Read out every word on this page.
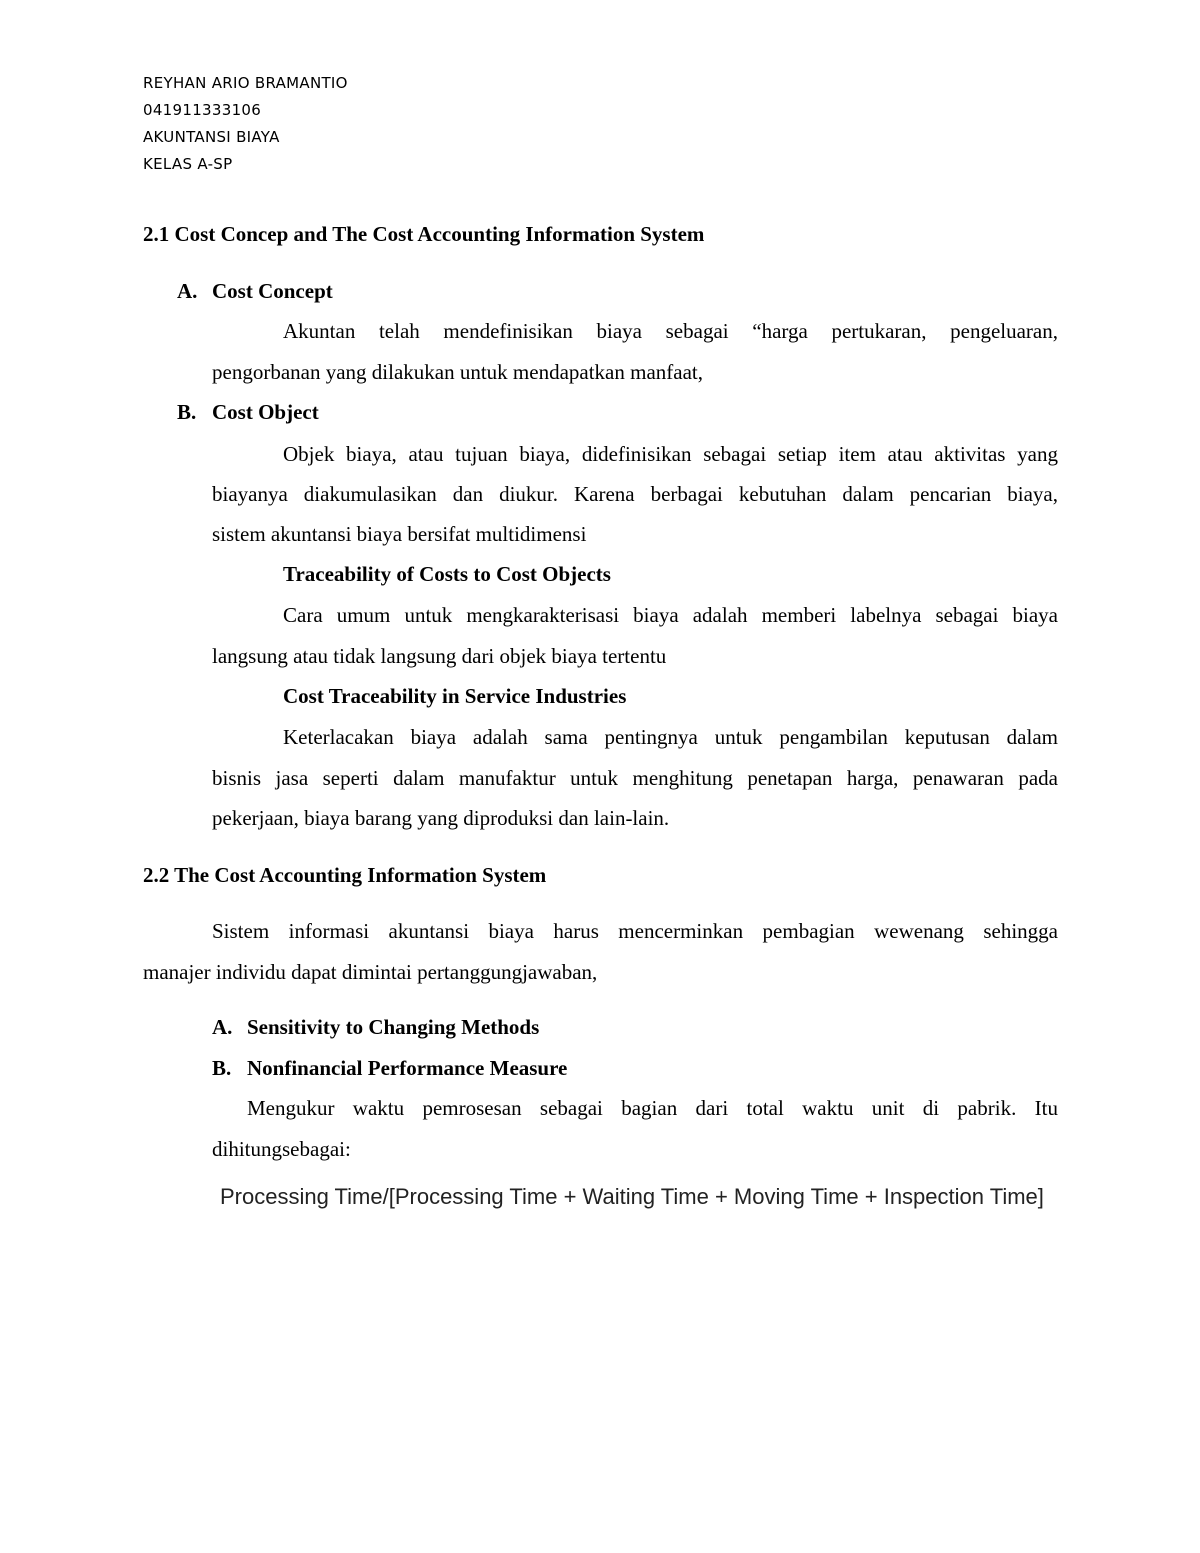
REYHAN ARIO BRAMANTIO
041911333106
AKUNTANSI BIAYA
KELAS A-SP
2.1 Cost Concep and The Cost Accounting Information System
A. Cost Concept
Akuntan telah mendefinisikan biaya sebagai “harga pertukaran, pengeluaran,
pengorbanan yang dilakukan untuk mendapatkan manfaat,
B. Cost Object
Objek biaya, atau tujuan biaya, didefinisikan sebagai setiap item atau aktivitas yang
biayanya diakumulasikan dan diukur. Karena berbagai kebutuhan dalam pencarian biaya,
sistem akuntansi biaya bersifat multidimensi
Traceability of Costs to Cost Objects
Cara umum untuk mengkarakterisasi biaya adalah memberi labelnya sebagai biaya
langsung atau tidak langsung dari objek biaya tertentu
Cost Traceability in Service Industries
Keterlacakan biaya adalah sama pentingnya untuk pengambilan keputusan dalam
bisnis jasa seperti dalam manufaktur untuk menghitung penetapan harga, penawaran pada
pekerjaan, biaya barang yang diproduksi dan lain-lain.
2.2 The Cost Accounting Information System
Sistem informasi akuntansi biaya harus mencerminkan pembagian wewenang sehingga
manajer individu dapat dimintai pertanggungjawaban,
A. Sensitivity to Changing Methods
B. Nonfinancial Performance Measure
Mengukur waktu pemrosesan sebagai bagian dari total waktu unit di pabrik. Itu
dihitungsebagai:
Processing Time/[Processing Time + Waiting Time + Moving Time + Inspection Time]
